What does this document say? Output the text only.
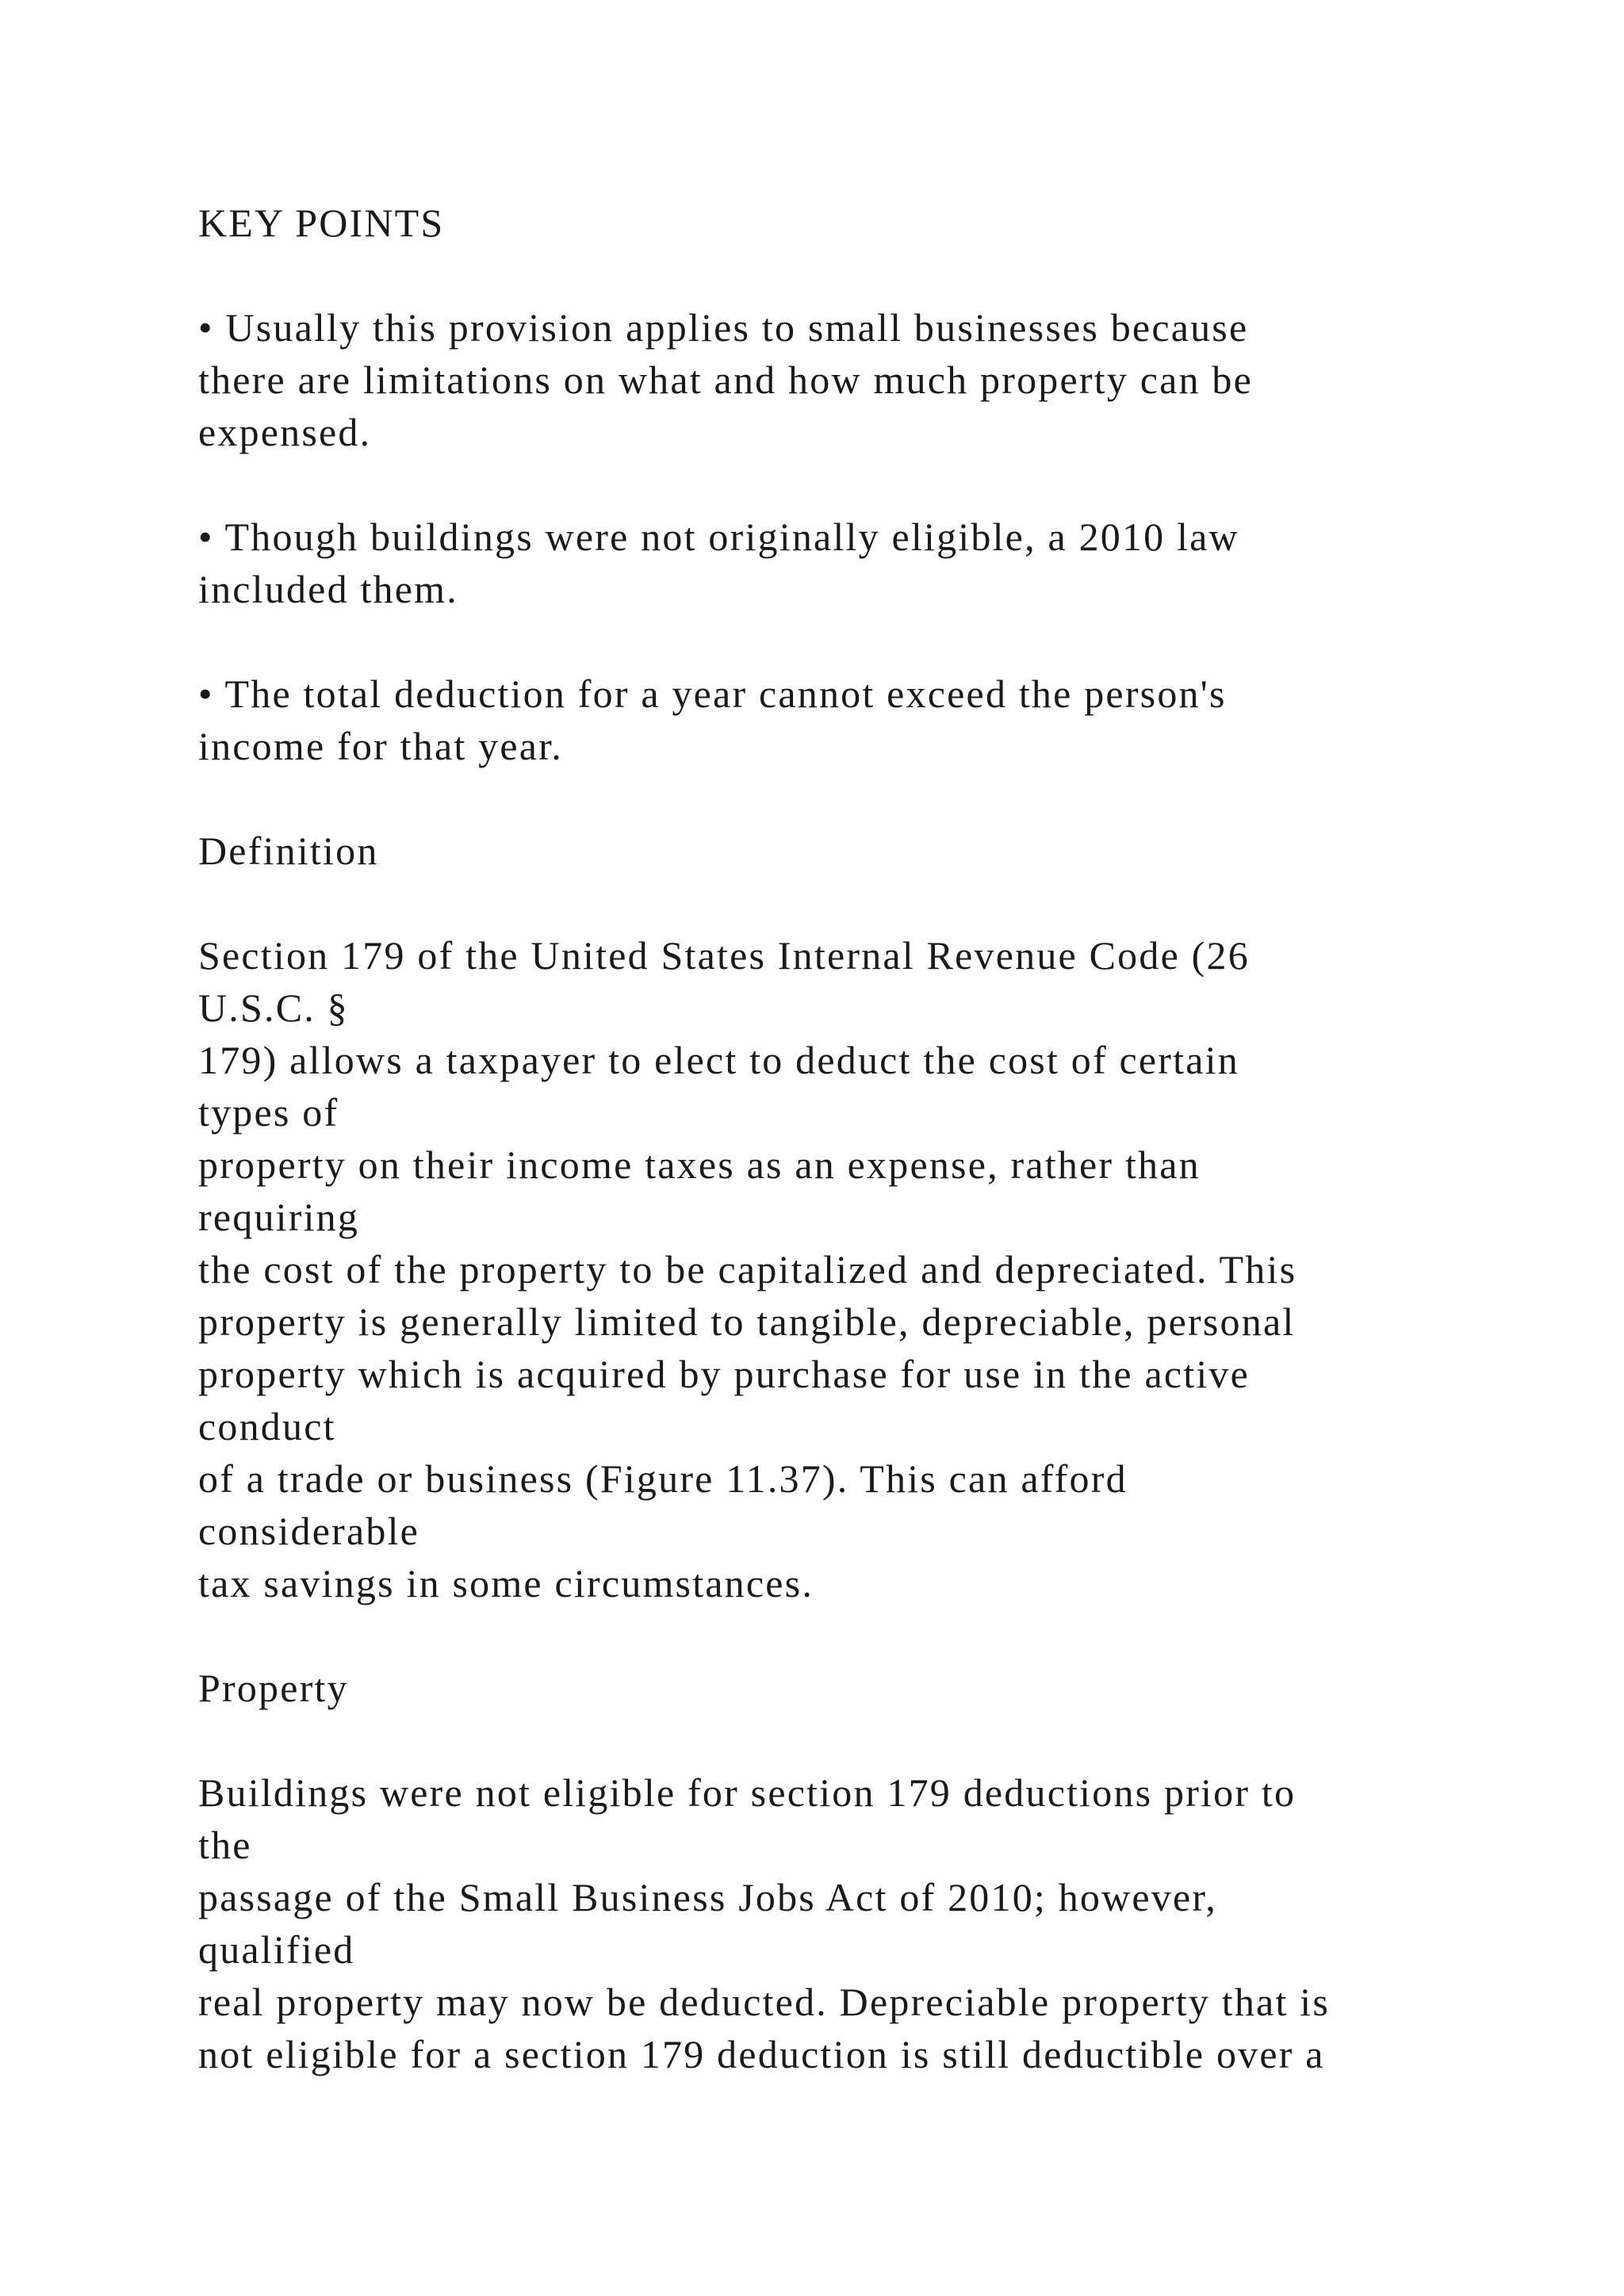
KEY POINTS
• Usually this provision applies to small businesses because
there are limitations on what and how much property can be
expensed.
• Though buildings were not originally eligible, a 2010 law
included them.
• The total deduction for a year cannot exceed the person's
income for that year.
Definition
Section 179 of the United States Internal Revenue Code (26
U.S.C. §
179) allows a taxpayer to elect to deduct the cost of certain
types of
property on their income taxes as an expense, rather than
requiring
the cost of the property to be capitalized and depreciated. This
property is generally limited to tangible, depreciable, personal
property which is acquired by purchase for use in the active
conduct
of a trade or business (Figure 11.37). This can afford
considerable
tax savings in some circumstances.
Property
Buildings were not eligible for section 179 deductions prior to
the
passage of the Small Business Jobs Act of 2010; however,
qualified
real property may now be deducted. Depreciable property that is
not eligible for a section 179 deduction is still deductible over a
